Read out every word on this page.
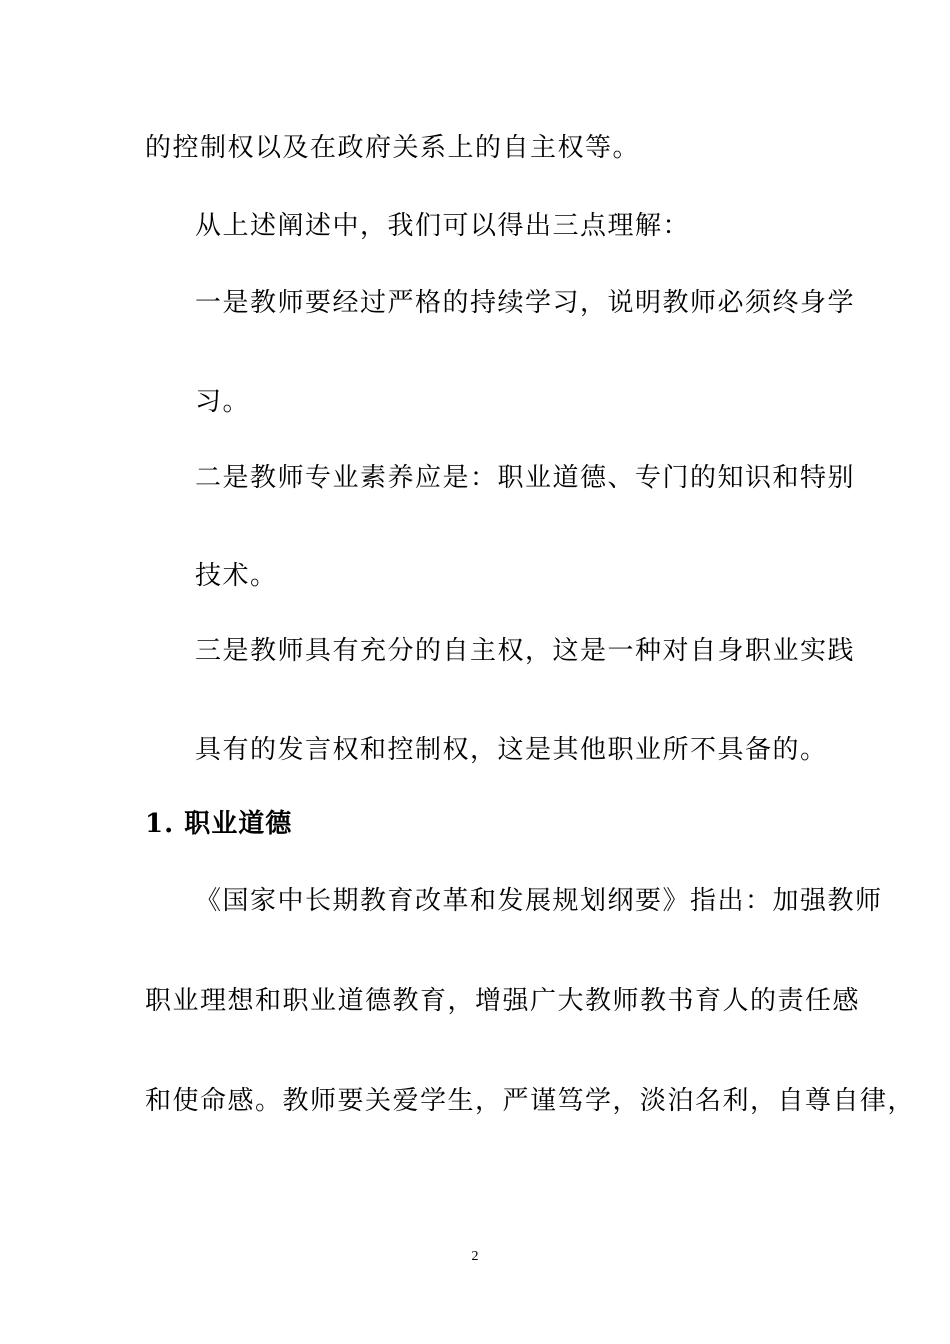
的控制权以及在政府关系上的自主权等。
从上述阐述中，我们可以得出三点理解：
一是教师要经过严格的持续学习，说明教师必须终身学
习。
二是教师专业素养应是：职业道德、专门的知识和特别
技术。
三是教师具有充分的自主权，这是一种对自身职业实践
具有的发言权和控制权，这是其他职业所不具备的。
1. 职业道德
《国家中长期教育改革和发展规划纲要》指出：加强教师
职业理想和职业道德教育，增强广大教师教书育人的责任感
和使命感。教师要关爱学生，严谨笃学，淡泊名利，自尊自律，
2
